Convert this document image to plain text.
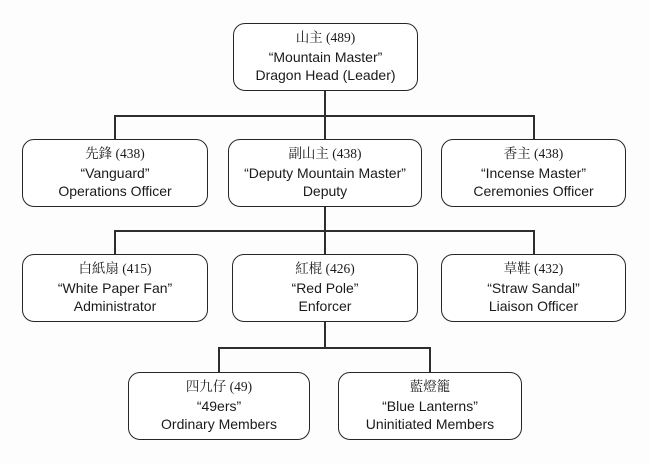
山主 (489)
“Mountain Master”
Dragon Head (Leader)
先鋒 (438)
“Vanguard”
Operations Officer
副山主 (438)
“Deputy Mountain Master”
Deputy
香主 (438)
“Incense Master”
Ceremonies Officer
白紙扇 (415)
“White Paper Fan”
Administrator
紅棍 (426)
“Red Pole”
Enforcer
草鞋 (432)
“Straw Sandal”
Liaison Officer
四九仔 (49)
“49ers”
Ordinary Members
藍燈籠
“Blue Lanterns”
Uninitiated Members
